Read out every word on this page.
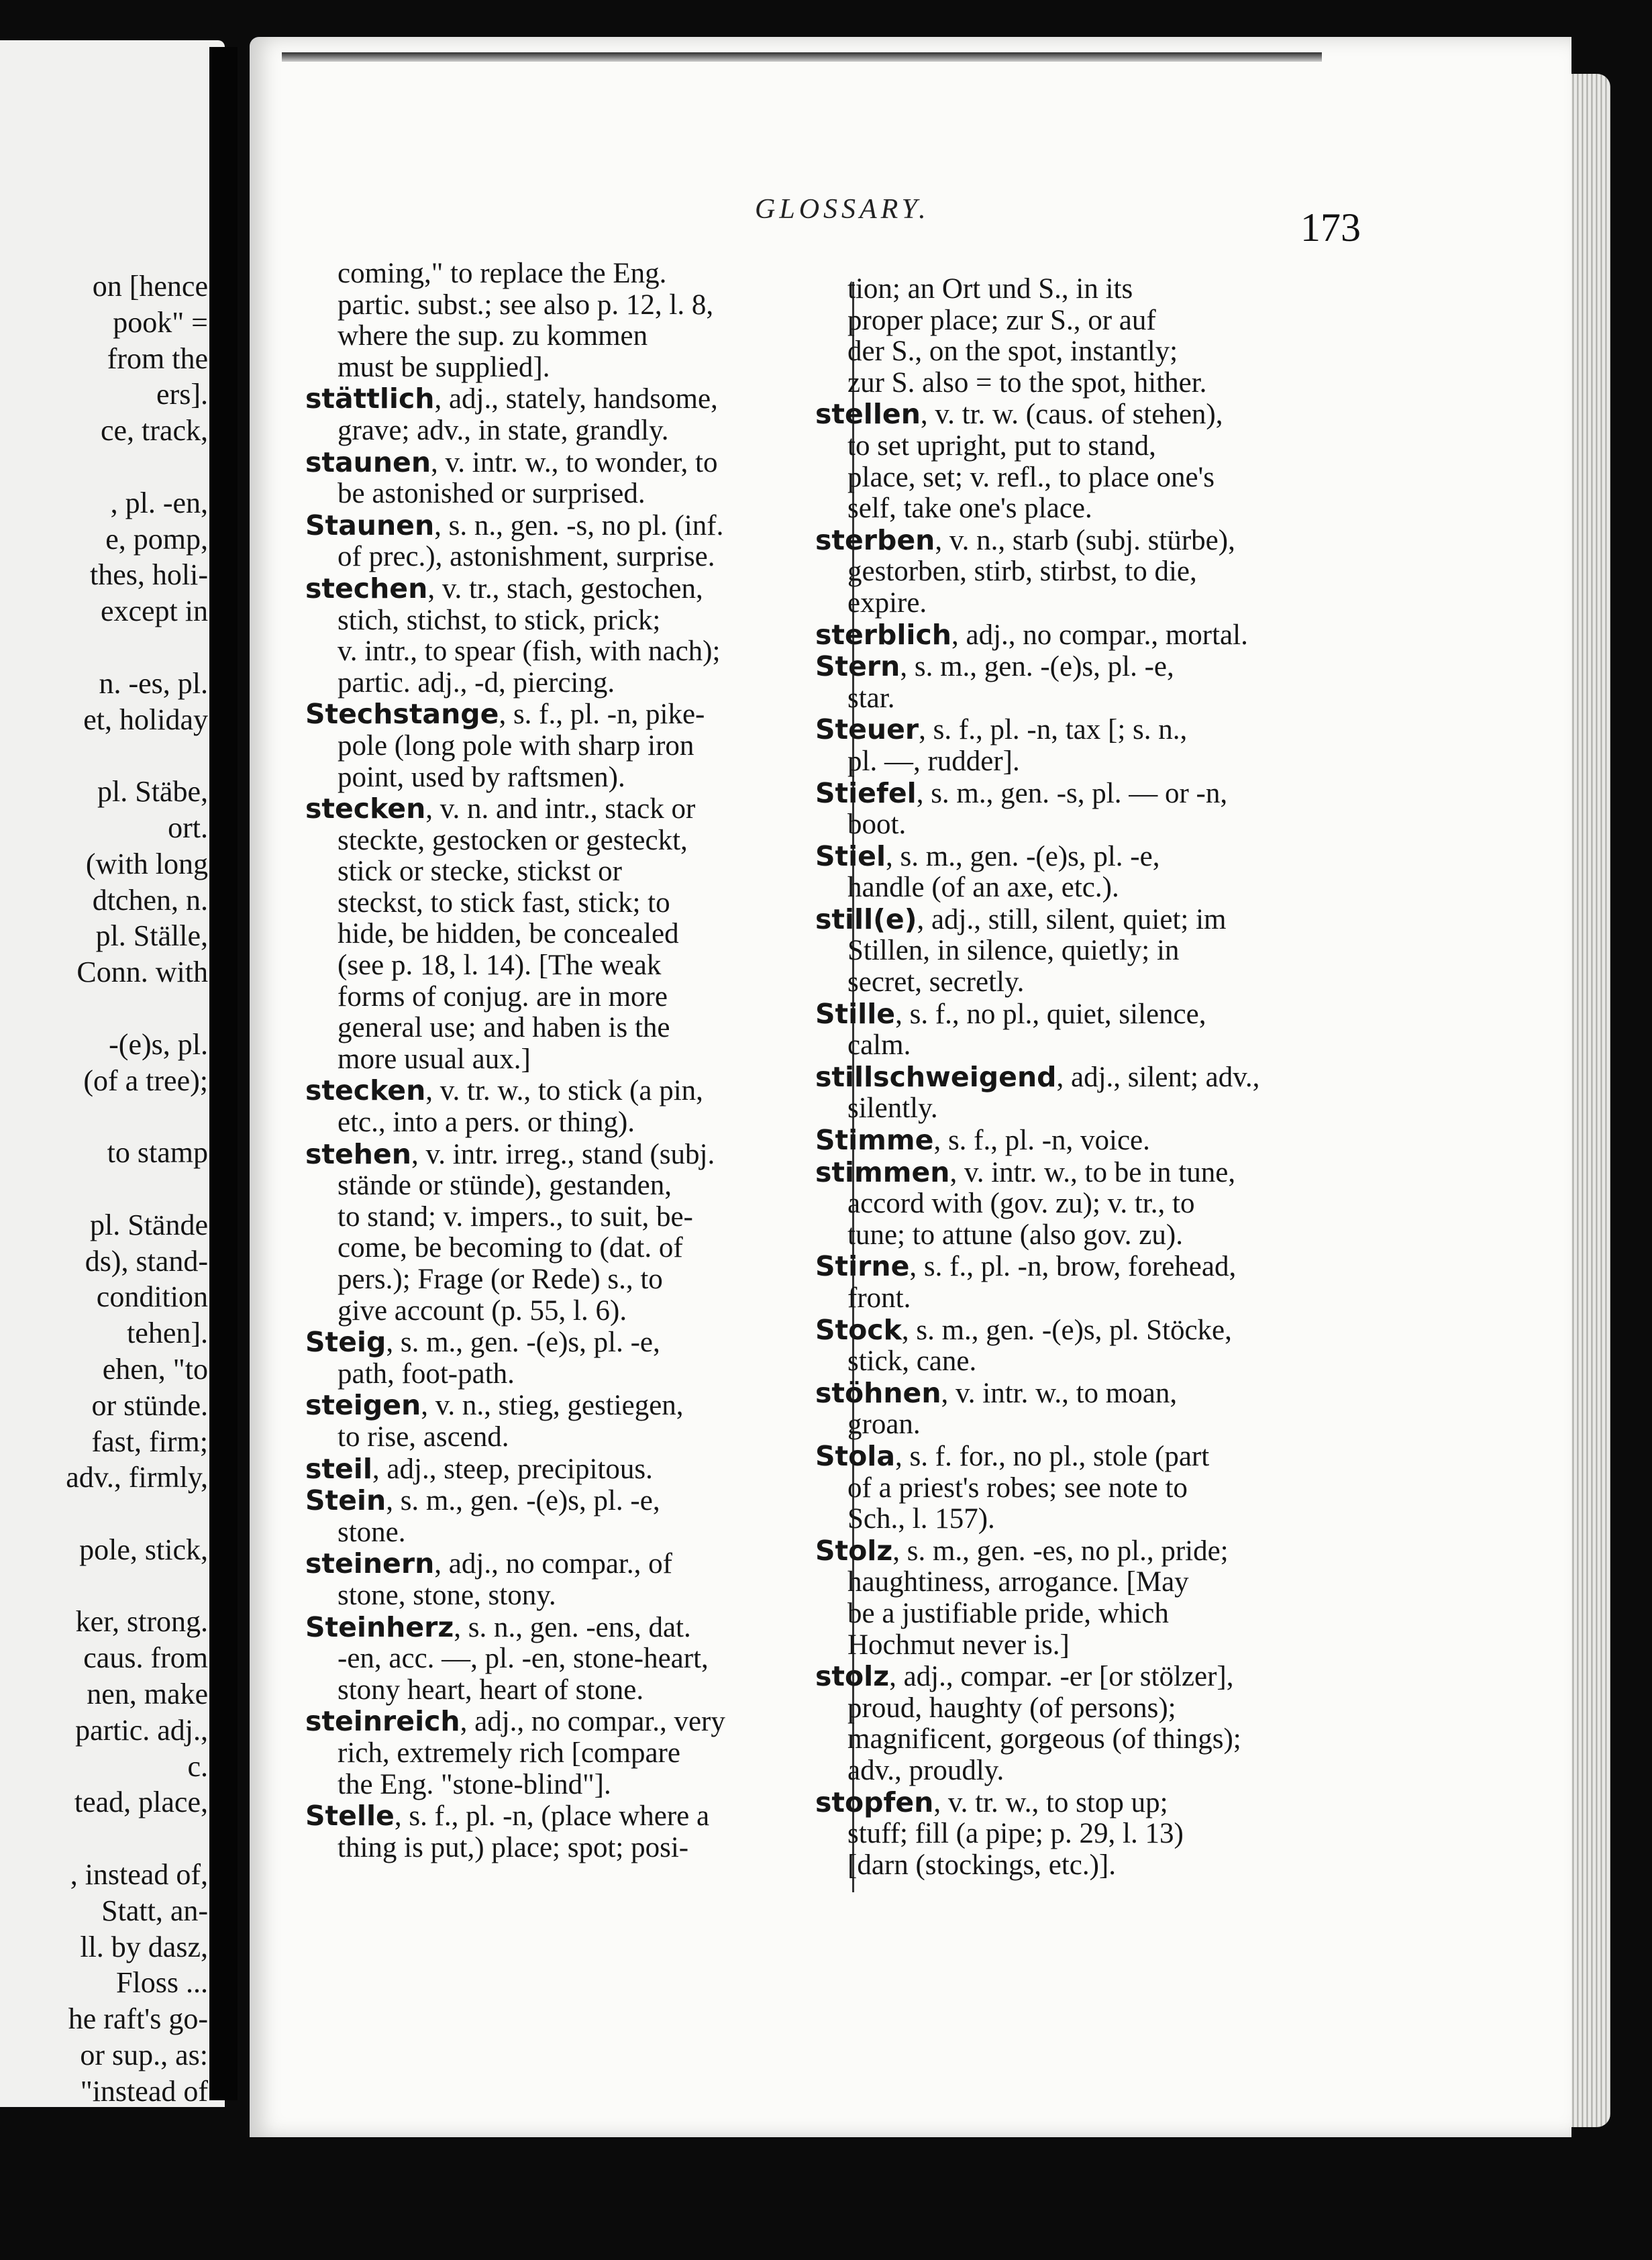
on [hence
pook" =
from the
ers].
ce, track,
, pl. -en,
e, pomp,
thes, holi-
except in
n. -es, pl.
et, holiday
pl. Stäbe,
ort.
(with long
dtchen, n.
pl. Ställe,
Conn. with
-(e)s, pl.
(of a tree);
to stamp
pl. Stände
ds), stand-
condition
tehen].
ehen, "to
or stünde.
fast, firm;
adv., firmly,
pole, stick,
ker, strong.
caus. from
nen, make
partic. adj.,
c.
tead, place,
, instead of,
Statt, an-
ll. by dasz,
Floss ...
he raft's go-
or sup., as:
"instead of
GLOSSARY.	173
coming," to replace the Eng.
partic. subst.; see also p. 12, l. 8,
where the sup. zu kommen
must be supplied].
stättlich, adj., stately, handsome,
grave; adv., in state, grandly.
staunen, v. intr. w., to wonder, to
be astonished or surprised.
Staunen, s. n., gen. -s, no pl. (inf.
of prec.), astonishment, surprise.
stechen, v. tr., stach, gestochen,
stich, stichst, to stick, prick;
v. intr., to spear (fish, with nach);
partic. adj., -d, piercing.
Stechstange, s. f., pl. -n, pike-
pole (long pole with sharp iron
point, used by raftsmen).
stecken, v. n. and intr., stack or
steckte, gestocken or gesteckt,
stick or stecke, stickst or
steckst, to stick fast, stick; to
hide, be hidden, be concealed
(see p. 18, l. 14). [The weak
forms of conjug. are in more
general use; and haben is the
more usual aux.]
stecken, v. tr. w., to stick (a pin,
etc., into a pers. or thing).
stehen, v. intr. irreg., stand (subj.
stände or stünde), gestanden,
to stand; v. impers., to suit, be-
come, be becoming to (dat. of
pers.); Frage (or Rede) s., to
give account (p. 55, l. 6).
Steig, s. m., gen. -(e)s, pl. -e,
path, foot-path.
steigen, v. n., stieg, gestiegen,
to rise, ascend.
steil, adj., steep, precipitous.
Stein, s. m., gen. -(e)s, pl. -e,
stone.
steinern, adj., no compar., of
stone, stone, stony.
Steinherz, s. n., gen. -ens, dat.
-en, acc. —, pl. -en, stone-heart,
stony heart, heart of stone.
steinreich, adj., no compar., very
rich, extremely rich [compare
the Eng. "stone-blind"].
Stelle, s. f., pl. -n, (place where a
thing is put,) place; spot; posi-
tion; an Ort und S., in its
proper place; zur S., or auf
der S., on the spot, instantly;
zur S. also = to the spot, hither.
stellen, v. tr. w. (caus. of stehen),
to set upright, put to stand,
place, set; v. refl., to place one's
self, take one's place.
sterben, v. n., starb (subj. stürbe),
gestorben, stirb, stirbst, to die,
expire.
sterblich, adj., no compar., mortal.
Stern, s. m., gen. -(e)s, pl. -e,
star.
Steuer, s. f., pl. -n, tax [; s. n.,
pl. —, rudder].
Stiefel, s. m., gen. -s, pl. — or -n,
boot.
Stiel, s. m., gen. -(e)s, pl. -e,
handle (of an axe, etc.).
still(e), adj., still, silent, quiet; im
Stillen, in silence, quietly; in
secret, secretly.
Stille, s. f., no pl., quiet, silence,
calm.
stillschweigend, adj., silent; adv.,
silently.
Stimme, s. f., pl. -n, voice.
stimmen, v. intr. w., to be in tune,
accord with (gov. zu); v. tr., to
tune; to attune (also gov. zu).
Stirne, s. f., pl. -n, brow, forehead,
front.
Stock, s. m., gen. -(e)s, pl. Stöcke,
stick, cane.
stöhnen, v. intr. w., to moan,
groan.
Stola, s. f. for., no pl., stole (part
of a priest's robes; see note to
Sch., l. 157).
Stolz, s. m., gen. -es, no pl., pride;
haughtiness, arrogance. [May
be a justifiable pride, which
Hochmut never is.]
stolz, adj., compar. -er [or stölzer],
proud, haughty (of persons);
magnificent, gorgeous (of things);
adv., proudly.
stopfen, v. tr. w., to stop up;
stuff; fill (a pipe; p. 29, l. 13)
[darn (stockings, etc.)].
